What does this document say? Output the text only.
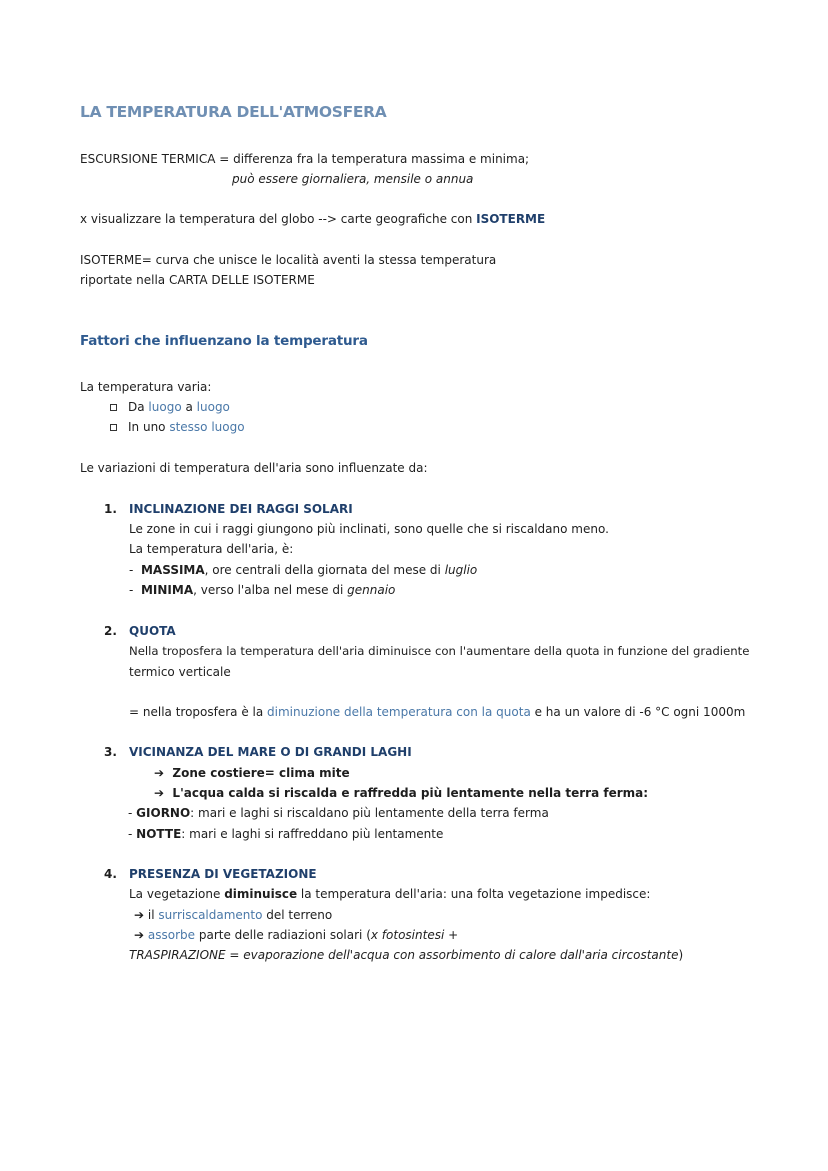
LA TEMPERATURA DELL'ATMOSFERA
ESCURSIONE TERMICA = differenza fra la temperatura massima e minima;
può essere giornaliera, mensile o annua
x visualizzare la temperatura del globo --> carte geografiche con ISOTERME
ISOTERME= curva che unisce le località aventi la stessa temperatura
riportate nella CARTA DELLE ISOTERME
Fattori che influenzano la temperatura
La temperatura varia:
Da luogo a luogo
In uno stesso luogo
Le variazioni di temperatura dell'aria sono influenzate da:
1. INCLINAZIONE DEI RAGGI SOLARI
Le zone in cui i raggi giungono più inclinati, sono quelle che si riscaldano meno.
La temperatura dell'aria, è:
- MASSIMA, ore centrali della giornata del mese di luglio
- MINIMA, verso l'alba nel mese di gennaio
2. QUOTA
Nella troposfera la temperatura dell'aria diminuisce con l'aumentare della quota in funzione del gradiente
termico verticale
= nella troposfera è la diminuzione della temperatura con la quota e ha un valore di -6 °C ogni 1000m
3. VICINANZA DEL MARE O DI GRANDI LAGHI
➔ Zone costiere= clima mite
➔ L'acqua calda si riscalda e raffredda più lentamente nella terra ferma:
- GIORNO: mari e laghi si riscaldano più lentamente della terra ferma
- NOTTE: mari e laghi si raffreddano più lentamente
4. PRESENZA DI VEGETAZIONE
La vegetazione diminuisce la temperatura dell'aria: una folta vegetazione impedisce:
➔ il surriscaldamento del terreno
➔ assorbe parte delle radiazioni solari (x fotosintesi +
TRASPIRAZIONE = evaporazione dell'acqua con assorbimento di calore dall'aria circostante)
